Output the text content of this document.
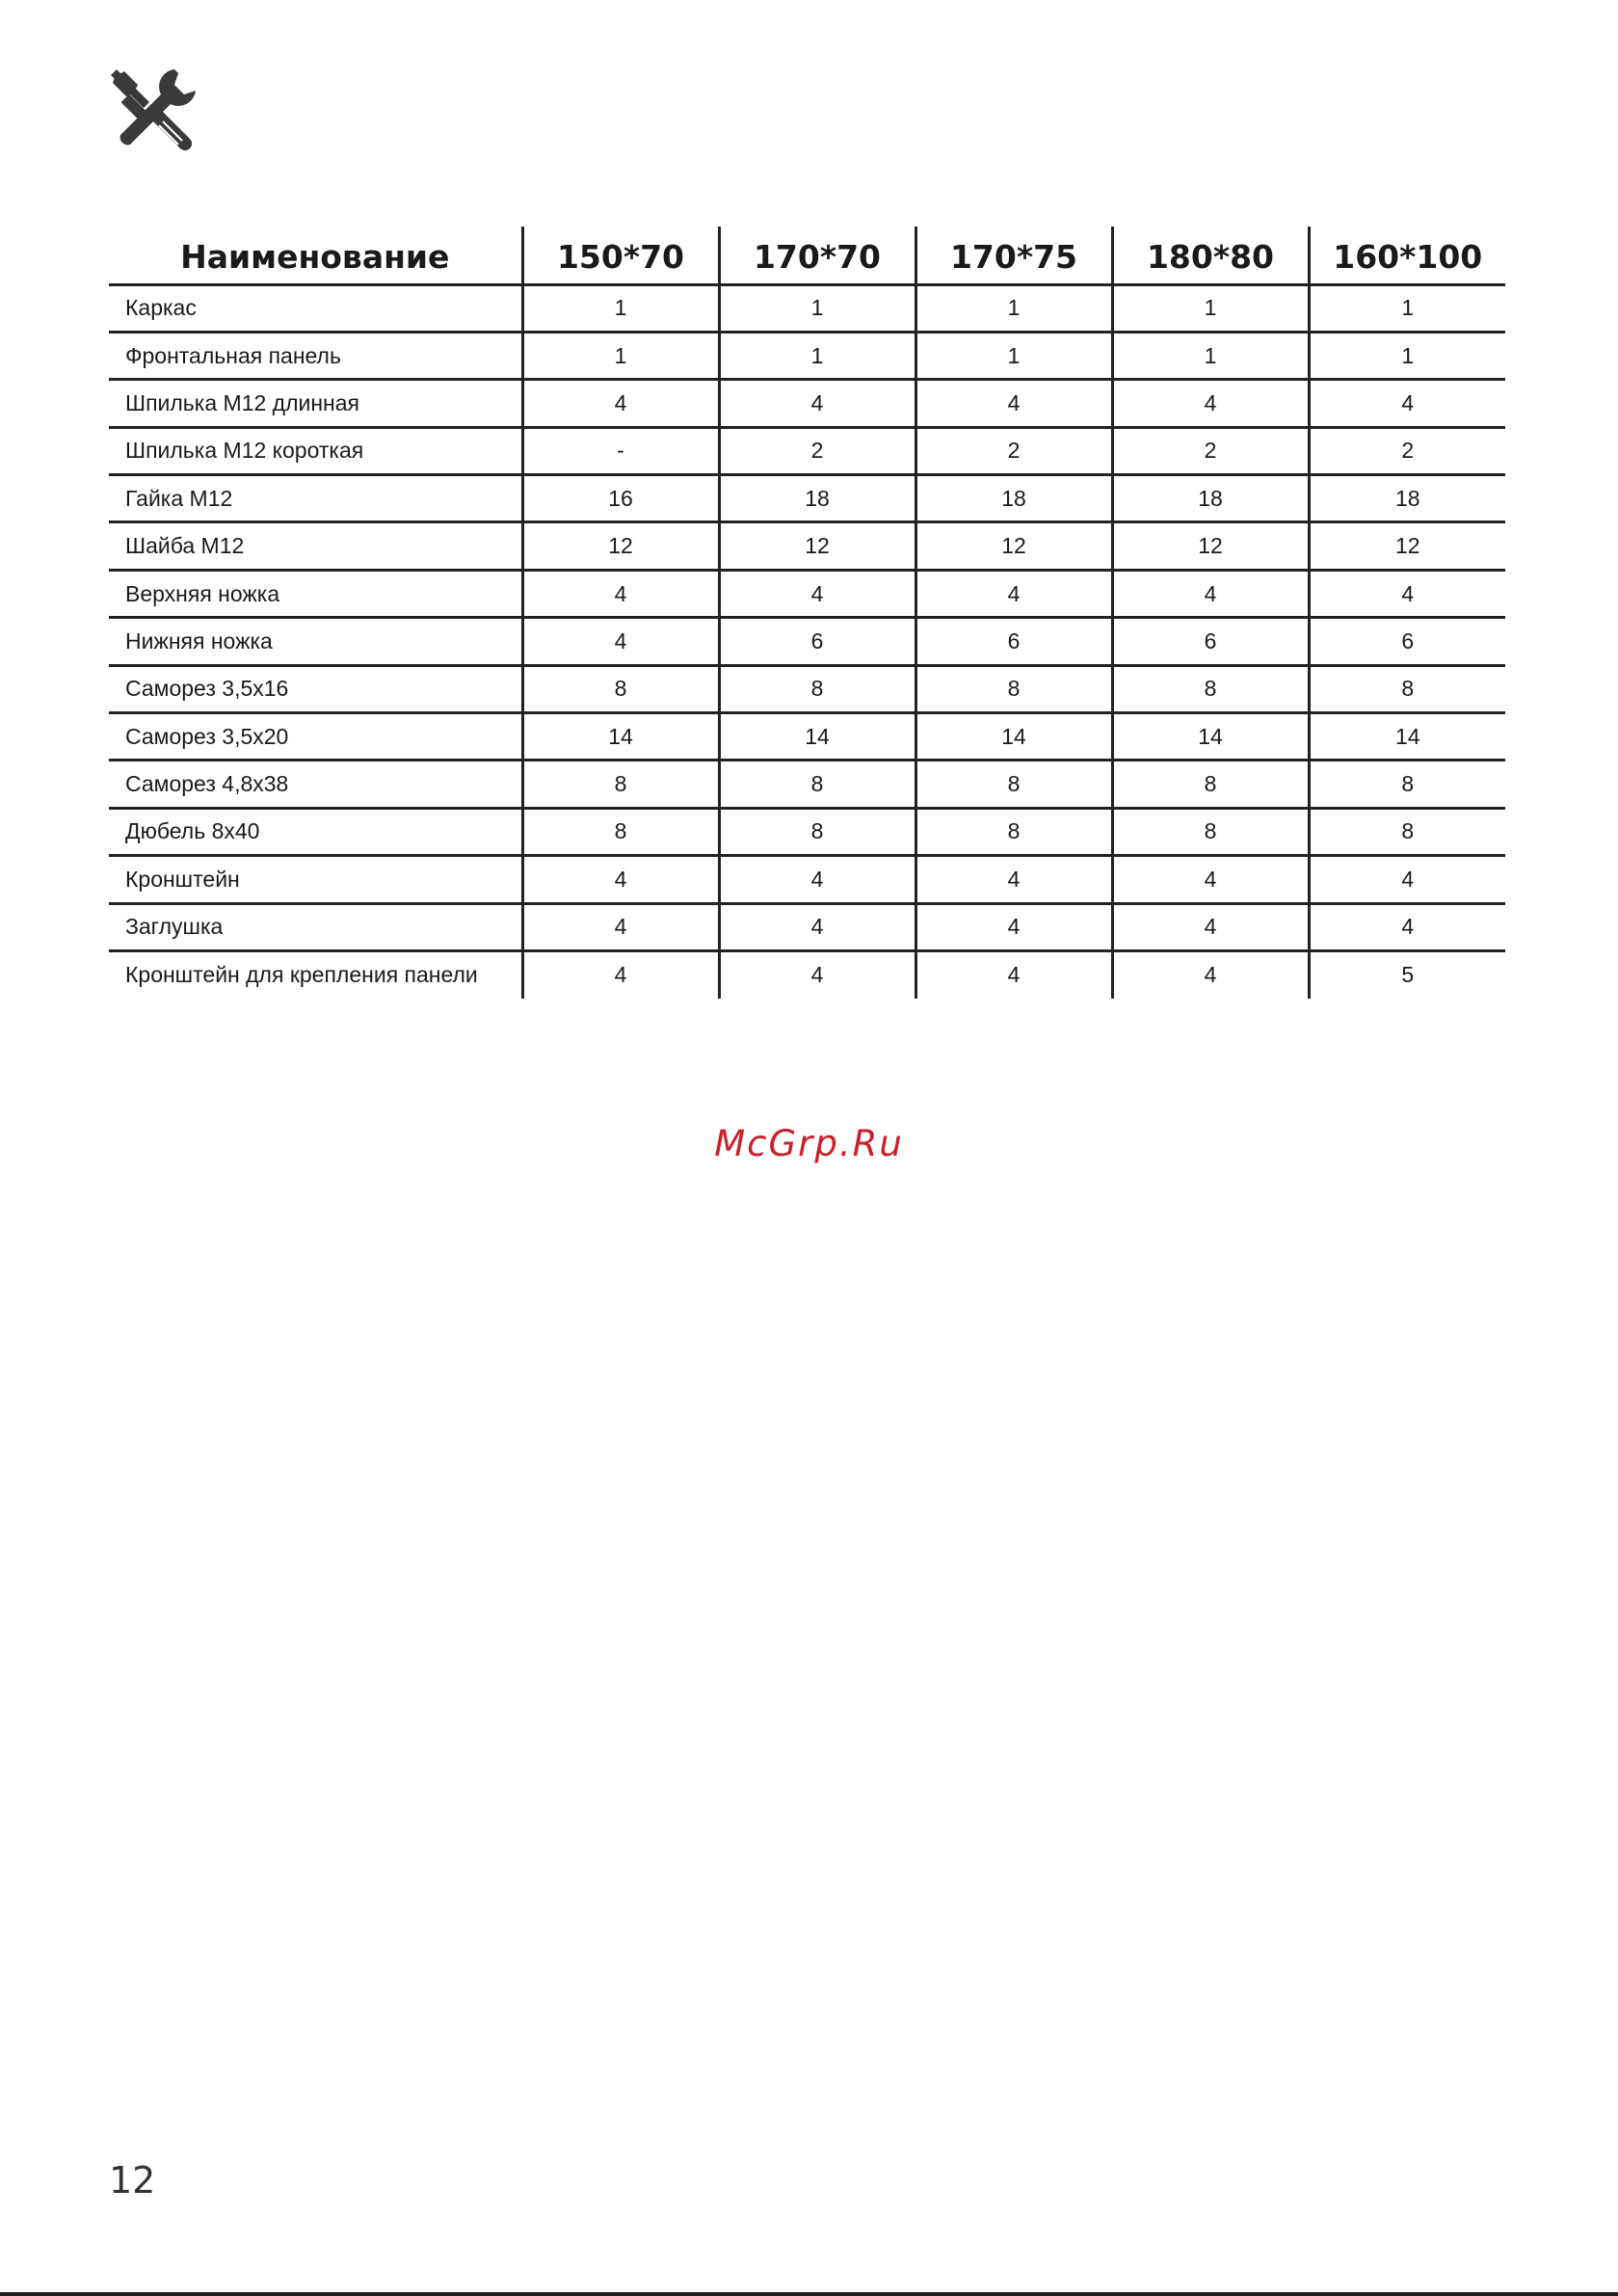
Наименование	150*70	170*70	170*75	180*80	160*100
Каркас	1	1	1	1	1
Фронтальная панель	1	1	1	1	1
Шпилька М12 длинная	4	4	4	4	4
Шпилька М12 короткая	-	2	2	2	2
Гайка М12	16	18	18	18	18
Шайба М12	12	12	12	12	12
Верхняя ножка	4	4	4	4	4
Нижняя ножка	4	6	6	6	6
Саморез 3,5х16	8	8	8	8	8
Саморез 3,5х20	14	14	14	14	14
Саморез 4,8х38	8	8	8	8	8
Дюбель 8х40	8	8	8	8	8
Кронштейн	4	4	4	4	4
Заглушка	4	4	4	4	4
Кронштейн для крепления панели	4	4	4	4	5
McGrp.Ru
12
